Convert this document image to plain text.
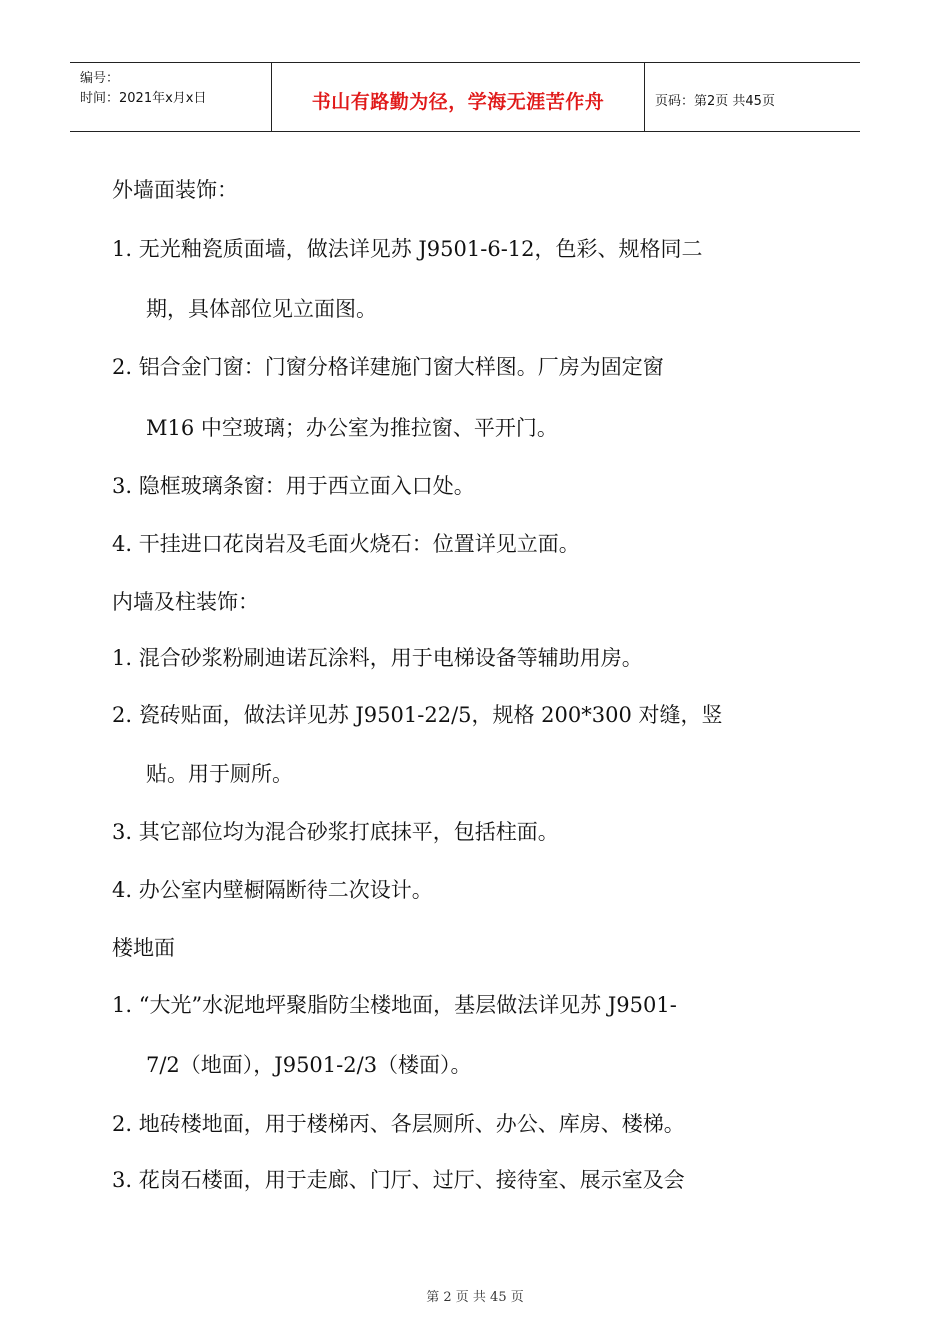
编号：
时间：2021年x月x日	书山有路勤为径，学海无涯苦作舟	页码：第2页 共45页
外墙面装饰：
1. 无光釉瓷质面墙，做法详见苏 J9501-6-12，色彩、规格同二
期，具体部位见立面图。
2. 铝合金门窗：门窗分格详建施门窗大样图。厂房为固定窗
M16 中空玻璃；办公室为推拉窗、平开门。
3. 隐框玻璃条窗：用于西立面入口处。
4. 干挂进口花岗岩及毛面火烧石：位置详见立面。
内墙及柱装饰：
1. 混合砂浆粉刷迪诺瓦涂料，用于电梯设备等辅助用房。
2. 瓷砖贴面，做法详见苏 J9501-22/5，规格 200*300 对缝，竖
贴。用于厕所。
3. 其它部位均为混合砂浆打底抹平，包括柱面。
4. 办公室内壁橱隔断待二次设计。
楼地面
1. “大光”水泥地坪聚脂防尘楼地面，基层做法详见苏 J9501-
7/2（地面），J9501-2/3（楼面）。
2. 地砖楼地面，用于楼梯丙、各层厕所、办公、库房、楼梯。
3. 花岗石楼面，用于走廊、门厅、过厅、接待室、展示室及会
第 2 页 共 45 页
